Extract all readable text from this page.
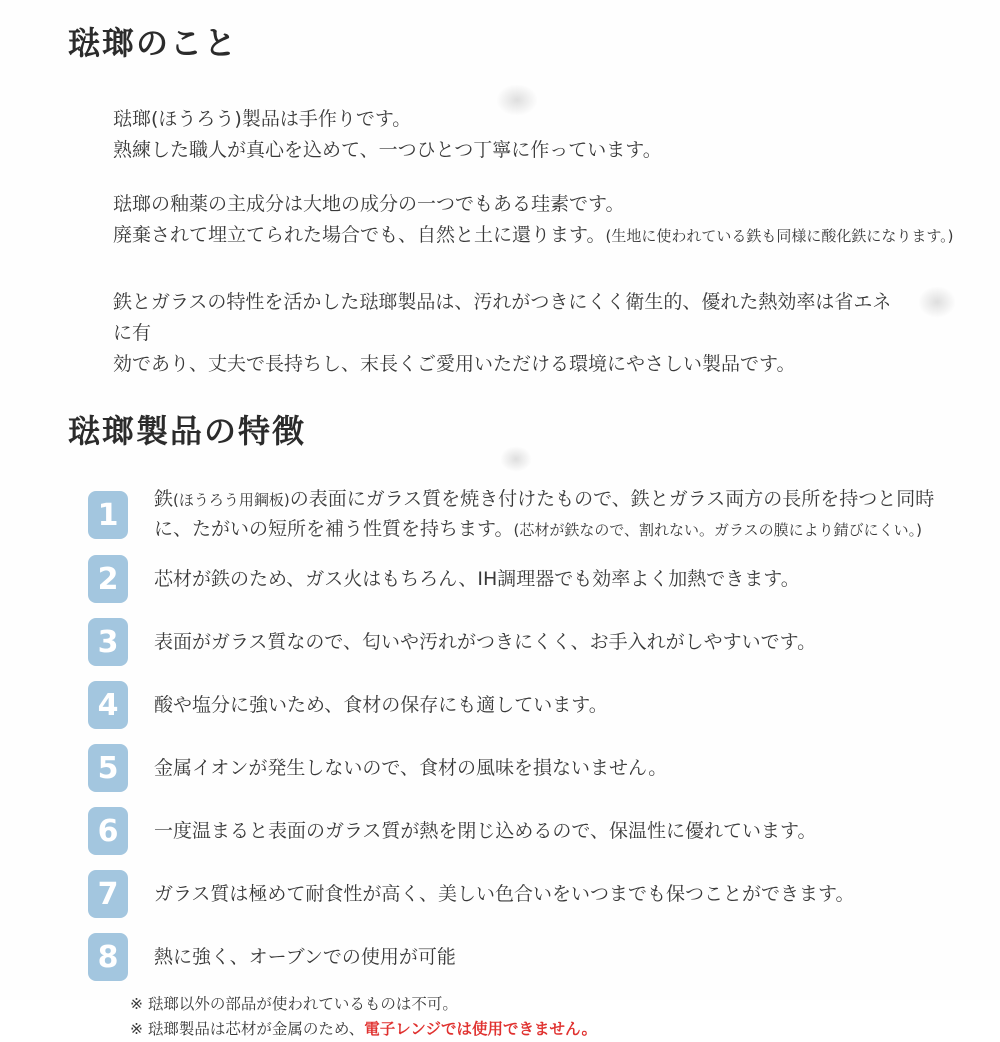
琺瑯のこと

琺瑯(ほうろう)製品は手作りです。
熟練した職人が真心を込めて、一つひとつ丁寧に作っています。

琺瑯の釉薬の主成分は大地の成分の一つでもある珪素です。
廃棄されて埋立てられた場合でも、自然と土に還ります。(生地に使われている鉄も同様に酸化鉄になります。)

鉄とガラスの特性を活かした琺瑯製品は、汚れがつきにくく衛生的、優れた熱効率は省エネに有
効であり、丈夫で長持ちし、末長くご愛用いただける環境にやさしい製品です。

琺瑯製品の特徴
1	鉄(ほうろう用鋼板)の表面にガラス質を焼き付けたもので、鉄とガラス両方の長所を持つと同時
に、たがいの短所を補う性質を持ちます。(芯材が鉄なので、割れない。ガラスの膜により錆びにくい。)
2	芯材が鉄のため、ガス火はもちろん、IH調理器でも効率よく加熱できます。
3	表面がガラス質なので、匂いや汚れがつきにくく、お手入れがしやすいです。
4	酸や塩分に強いため、食材の保存にも適しています。
5	金属イオンが発生しないので、食材の風味を損ないません。
6	一度温まると表面のガラス質が熱を閉じ込めるので、保温性に優れています。
7	ガラス質は極めて耐食性が高く、美しい色合いをいつまでも保つことができます。
8	熱に強く、オーブンでの使用が可能
※ 琺瑯以外の部品が使われているものは不可。
※ 琺瑯製品は芯材が金属のため、電子レンジでは使用できません。
